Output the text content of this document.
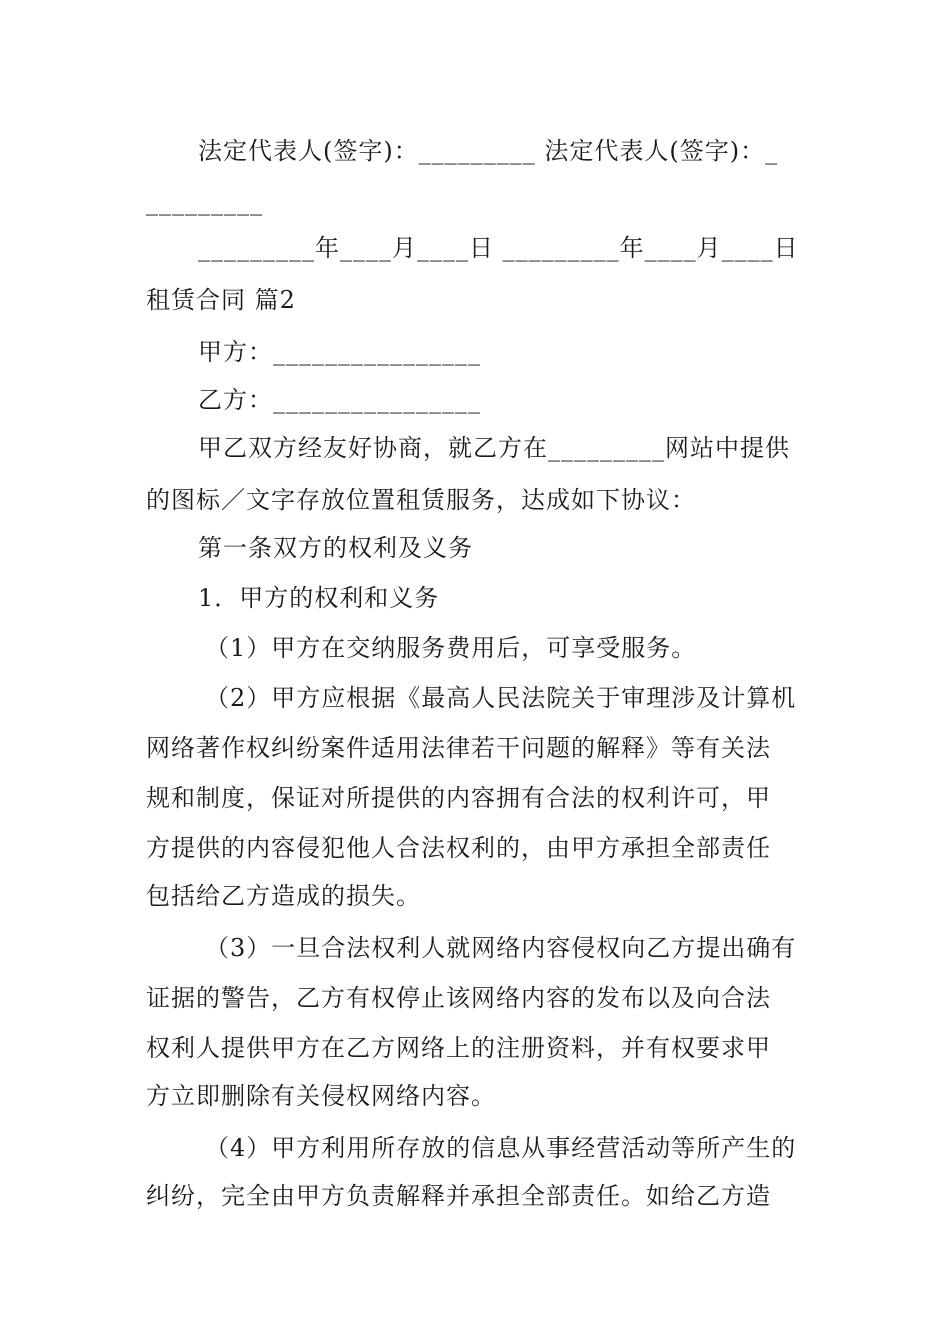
法定代表人(签字)：_________ 法定代表人(签字)：_
_________
_________年____月____日 _________年____月____日
租赁合同 篇2
甲方：________________
乙方：________________
甲乙双方经友好协商，就乙方在_________网站中提供
的图标／文字存放位置租赁服务，达成如下协议：
第一条双方的权利及义务
1．甲方的权利和义务
（1）甲方在交纳服务费用后，可享受服务。
（2）甲方应根据《最高人民法院关于审理涉及计算机
网络著作权纠纷案件适用法律若干问题的解释》等有关法
规和制度，保证对所提供的内容拥有合法的权利许可，甲
方提供的内容侵犯他人合法权利的，由甲方承担全部责任
包括给乙方造成的损失。
（3）一旦合法权利人就网络内容侵权向乙方提出确有
证据的警告，乙方有权停止该网络内容的发布以及向合法
权利人提供甲方在乙方网络上的注册资料，并有权要求甲
方立即删除有关侵权网络内容。
（4）甲方利用所存放的信息从事经营活动等所产生的
纠纷，完全由甲方负责解释并承担全部责任。如给乙方造
